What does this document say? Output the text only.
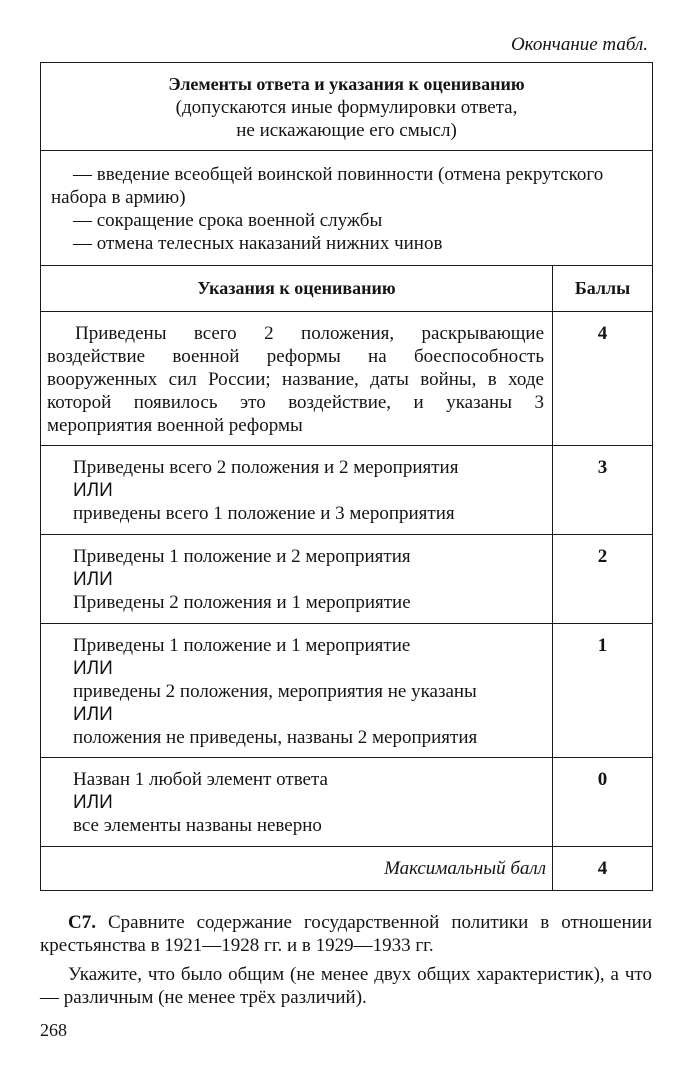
Окончание табл.
Элементы ответа и указания к оцениванию
(допускаются иные формулировки ответа,
не искажающие его смысл)	

— введение всеобщей воинской повинности (отмена рекрутского набора в армию)
— сокращение срока военной службы
— отмена телесных наказаний нижних чинов	

Указания к оцениванию	Баллы
Приведены всего 2 положения, раскрывающие воздействие военной реформы на боеспособность вооруженных сил России; название, даты войны, в ходе которой появилось это воздействие, и указаны 3 мероприятия военной реформы	4

Приведены всего 2 положения и 2 мероприятия
ИЛИ
приведены всего 1 положение и 3 мероприятия	3

Приведены 1 положение и 2 мероприятия
ИЛИ
Приведены 2 положения и 1 мероприятие	2

Приведены 1 положение и 1 мероприятие
ИЛИ
приведены 2 положения, мероприятия не указаны
ИЛИ
положения не приведены, названы 2 мероприятия	1

Назван 1 любой элемент ответа
ИЛИ
все элементы названы неверно	0
Максимальный балл	4

С7. Сравните содержание государственной политики в отношении крестьянства в 1921—1928 гг. и в 1929—1933 гг.

Укажите, что было общим (не менее двух общих характеристик), а что — различным (не менее трёх различий).

268
